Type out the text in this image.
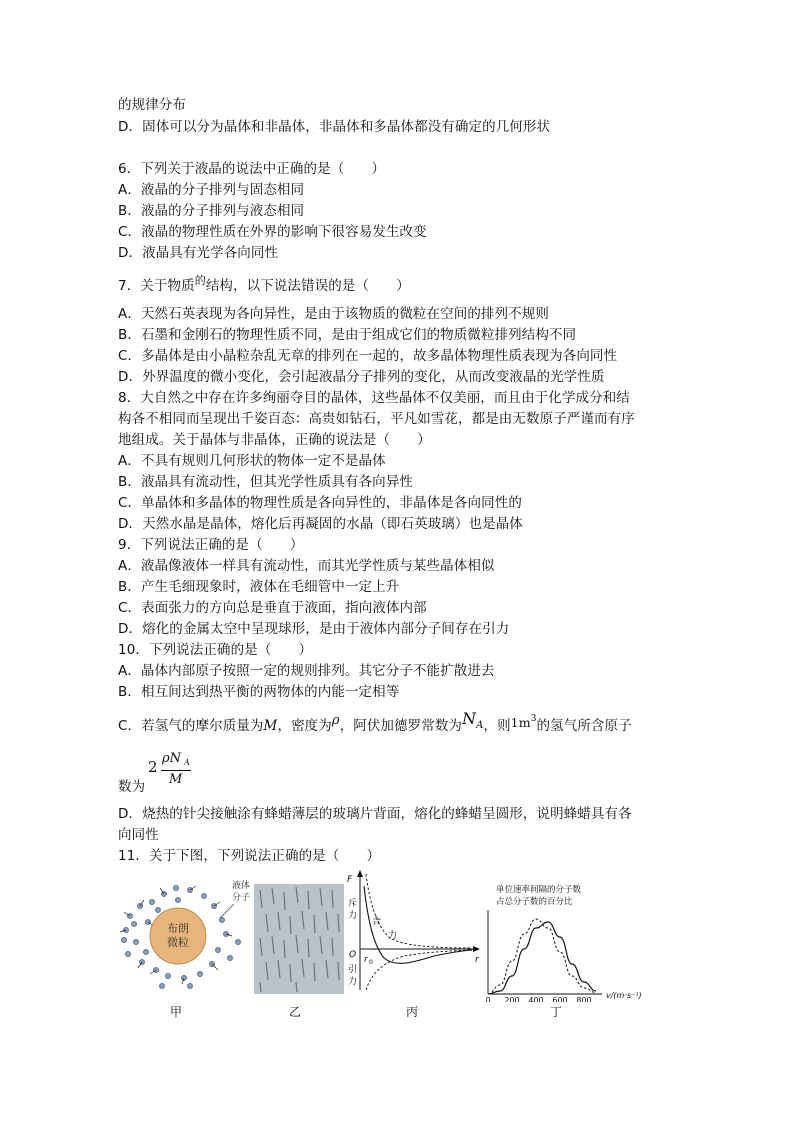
的规律分布
D．固体可以分为晶体和非晶体，非晶体和多晶体都没有确定的几何形状
6．下列关于液晶的说法中正确的是（　　）
A．液晶的分子排列与固态相同
B．液晶的分子排列与液态相同
C．液晶的物理性质在外界的影响下很容易发生改变
D．液晶具有光学各向同性
7．关于物质$^的$结构，以下说法错误的是（　　）
A．天然石英表现为各向异性，是由于该物质的微粒在空间的排列不规则
B．石墨和金刚石的物理性质不同，是由于组成它们的物质微粒排列结构不同
C．多晶体是由小晶粒杂乱无章的排列在一起的，故多晶体物理性质表现为各向同性
D．外界温度的微小变化，会引起液晶分子排列的变化，从而改变液晶的光学性质
8．大自然之中存在许多绚丽夺目的晶体，这些晶体不仅美丽，而且由于化学成分和结
构各不相同而呈现出千姿百态：高贵如钻石，平凡如雪花，都是由无数原子严谨而有序
地组成。关于晶体与非晶体，正确的说法是（　　）
A．不具有规则几何形状的物体一定不是晶体
B．液晶具有流动性，但其光学性质具有各向异性
C．单晶体和多晶体的物理性质是各向异性的，非晶体是各向同性的
D．天然水晶是晶体，熔化后再凝固的水晶（即石英玻璃）也是晶体
9．下列说法正确的是（　　）
A．液晶像液体一样具有流动性，而其光学性质与某些晶体相似
B．产生毛细现象时，液体在毛细管中一定上升
C．表面张力的方向总是垂直于液面，指向液体内部
D．熔化的金属太空中呈现球形，是由于液体内部分子间存在引力
10．下列说法正确的是（　　）
A．晶体内部原子按照一定的规则排列。其它分子不能扩散进去
B．相互间达到热平衡的两物体的内能一定相等
C．若氢气的摩尔质量为M，密度为ρ，阿伏加德罗常数为NA，则$1m^3$的氢气所含原子
数为
2 ρN A
M
D．烧热的针尖接触涂有蜂蜡薄层的玻璃片背面，熔化的蜂蜡呈圆形，说明蜂蜡具有各
向同性
11．关于下图，下列说法正确的是（　　）
布朗
微粒
液体
分子
F
斥
力
引
力
合
力
O r 0	r
单位速率间隔的分子数
占总分子数的百分比
0 200 400 600 800
v/(m·s⁻¹)
甲	乙	丙	丁
